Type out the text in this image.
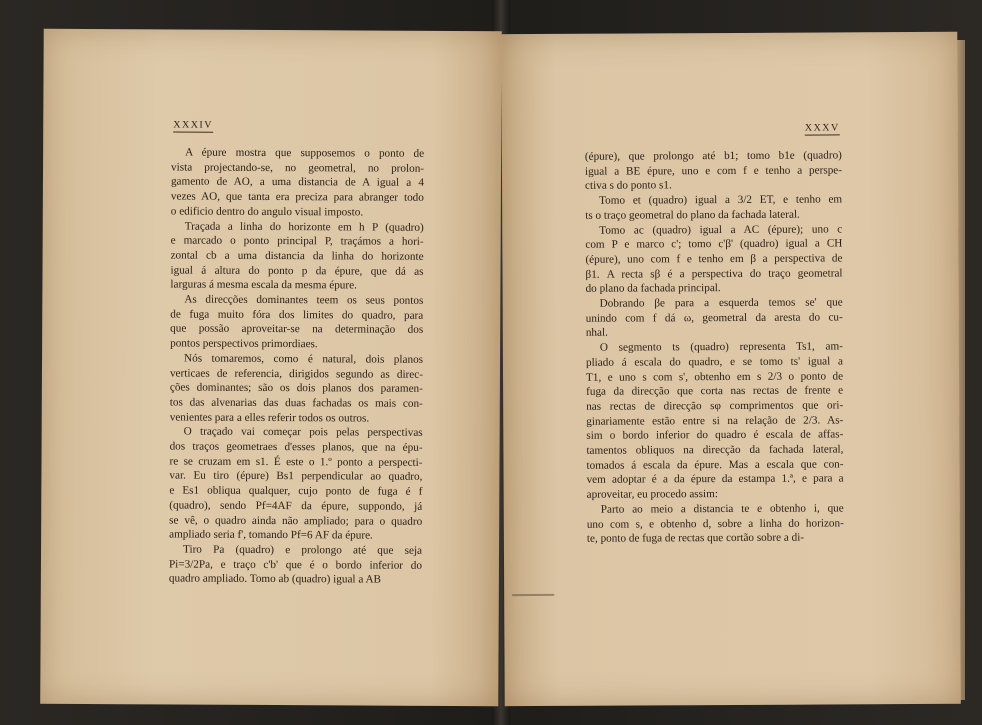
XXXIV
A épure mostra que supposemos o ponto de
vista projectando-se, no geometral, no prolon-
gamento de AO, a uma distancia de A igual a 4
vezes AO, que tanta era preciza para abranger todo
o edificio dentro do angulo visual imposto.
Traçada a linha do horizonte em h P (quadro)
e marcado o ponto principal P, traçámos a hori-
zontal cb a uma distancia da linha do horizonte
igual á altura do ponto p da épure, que dá as
larguras á mesma escala da mesma épure.
As direcções dominantes teem os seus pontos
de fuga muito fóra dos limites do quadro, para
que possão aproveitar-se na determinação dos
pontos perspectivos primordiaes.
Nós tomaremos, como é natural, dois planos
verticaes de referencia, dirigidos segundo as direc-
ções dominantes; são os dois planos dos paramen-
tos das alvenarias das duas fachadas os mais con-
venientes para a elles referir todos os outros.
O traçado vai começar pois pelas perspectivas
dos traços geometraes d'esses planos, que na épu-
re se cruzam em s1. É este o 1.º ponto a perspecti-
var. Eu tiro (épure) Bs1 perpendicular ao quadro,
e Es1 obliqua qualquer, cujo ponto de fuga é f
(quadro), sendo Pf=4AF da épure, suppondo, já
se vê, o quadro ainda não ampliado; para o quadro
ampliado seria f', tomando Pf=6 AF da épure.
Tiro Pa (quadro) e prolongo até que seja
Pi=3/2Pa, e traço c'b' que é o bordo inferior do
quadro ampliado. Tomo ab (quadro) igual a AB
XXXV
(épure), que prolongo até b1; tomo b1e (quadro)
igual a BE épure, uno e com f e tenho a perspe-
ctiva s do ponto s1.
Tomo et (quadro) igual a 3/2 ET, e tenho em
ts o traço geometral do plano da fachada lateral.
Tomo ac (quadro) igual a AC (épure); uno c
com P e marco c'; tomo c'β' (quadro) igual a CH
(épure), uno com f e tenho em β a perspectiva de
β1. A recta sβ é a perspectiva do traço geometral
do plano da fachada principal.
Dobrando βe para a esquerda temos se' que
unindo com f dá ω, geometral da aresta do cu-
nhal.
O segmento ts (quadro) representa Ts1, am-
pliado á escala do quadro, e se tomo ts' igual a
T1, e uno s com s', obtenho em s 2/3 o ponto de
fuga da direcção que corta nas rectas de frente e
nas rectas de direcção sφ comprimentos que ori-
ginariamente estão entre si na relação de 2/3. As-
sim o bordo inferior do quadro é escala de affas-
tamentos obliquos na direcção da fachada lateral,
tomados á escala da épure. Mas a escala que con-
vem adoptar é a da épure da estampa 1.ª, e para a
aproveitar, eu procedo assim:
Parto ao meio a distancia te e obtenho i, que
uno com s, e obtenho d, sobre a linha do horizon-
te, ponto de fuga de rectas que cortão sobre a di-
